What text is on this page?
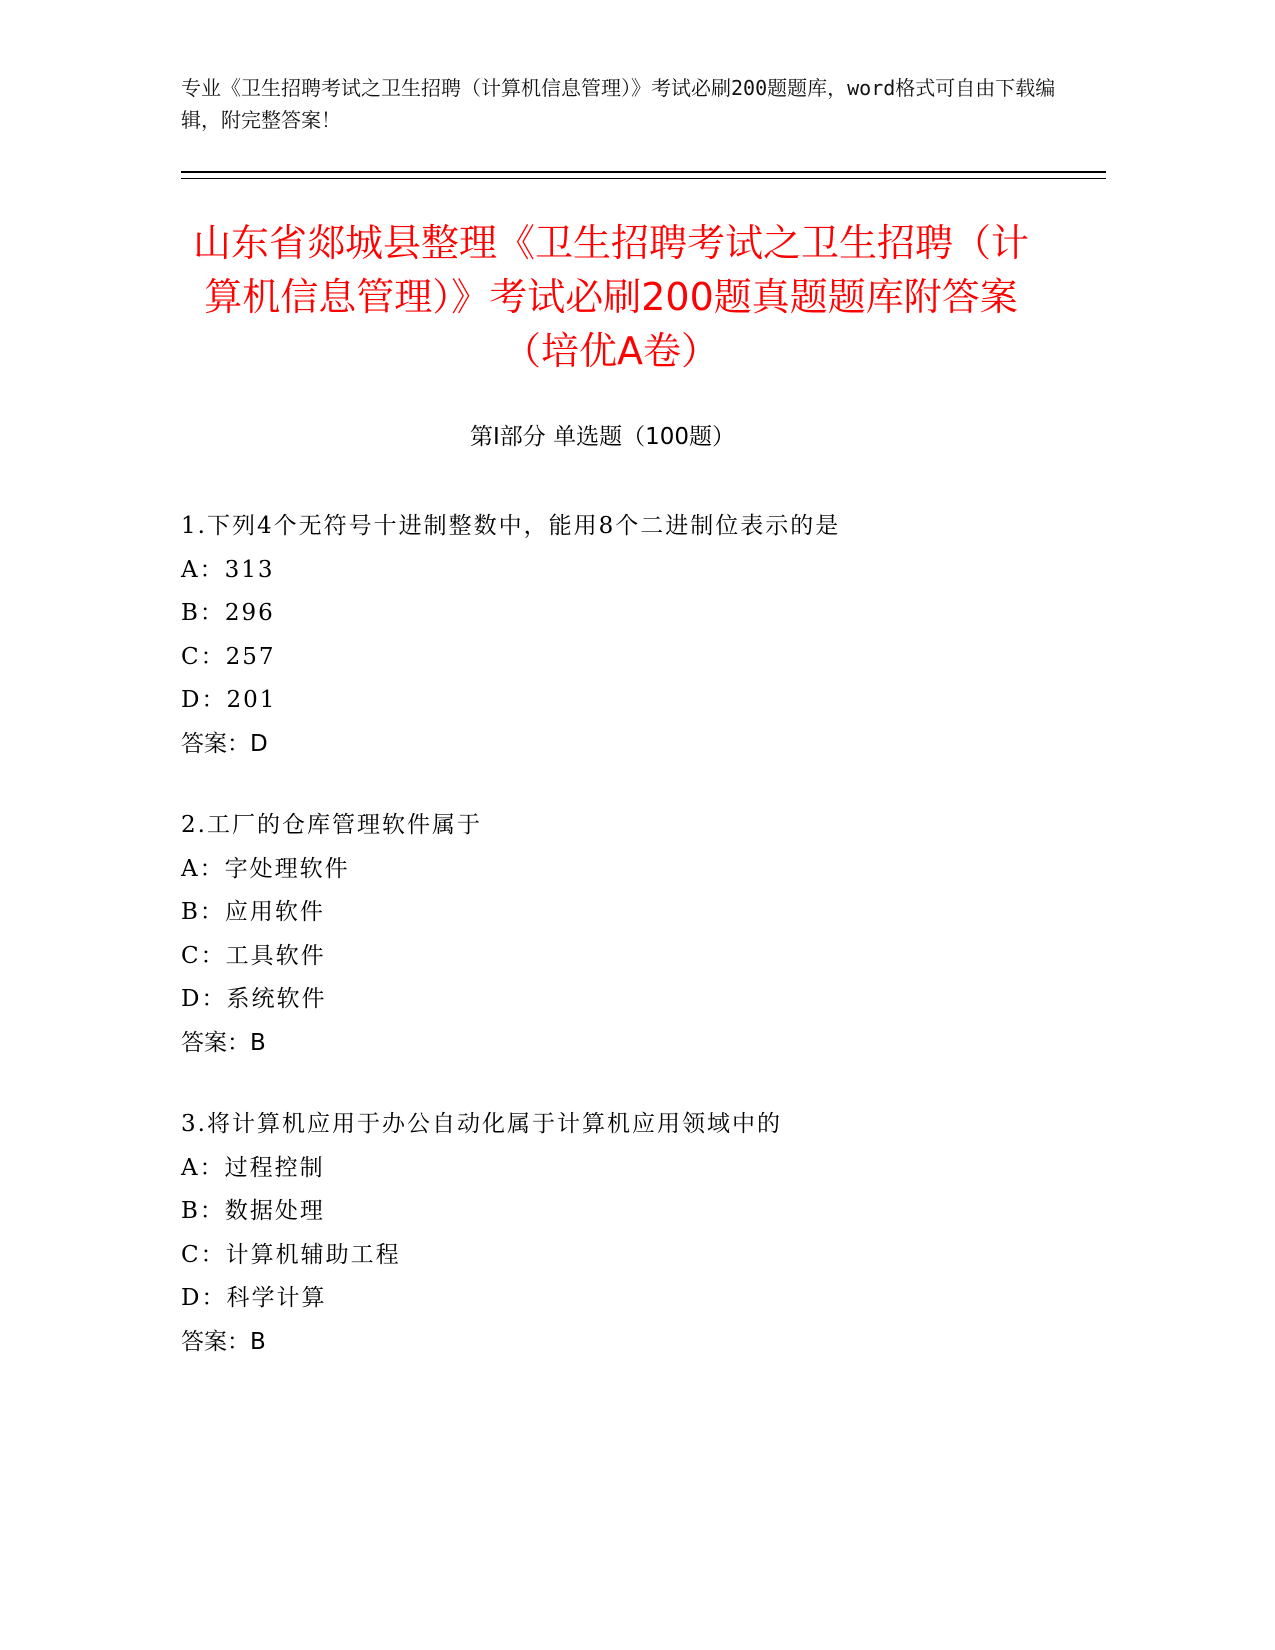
专业《卫生招聘考试之卫生招聘（计算机信息管理）》考试必刷200题题库，word格式可自由下载编辑，附完整答案！
山东省郯城县整理《卫生招聘考试之卫生招聘（计算机信息管理）》考试必刷200题真题题库附答案（培优A卷）
第Ⅰ部分 单选题（100题）
1.下列4个无符号十进制整数中，能用8个二进制位表示的是
A：313
B：296
C：257
D：201
答案：D
2.工厂的仓库管理软件属于
A：字处理软件
B：应用软件
C：工具软件
D：系统软件
答案：B
3.将计算机应用于办公自动化属于计算机应用领域中的
A：过程控制
B：数据处理
C：计算机辅助工程
D：科学计算
答案：B
